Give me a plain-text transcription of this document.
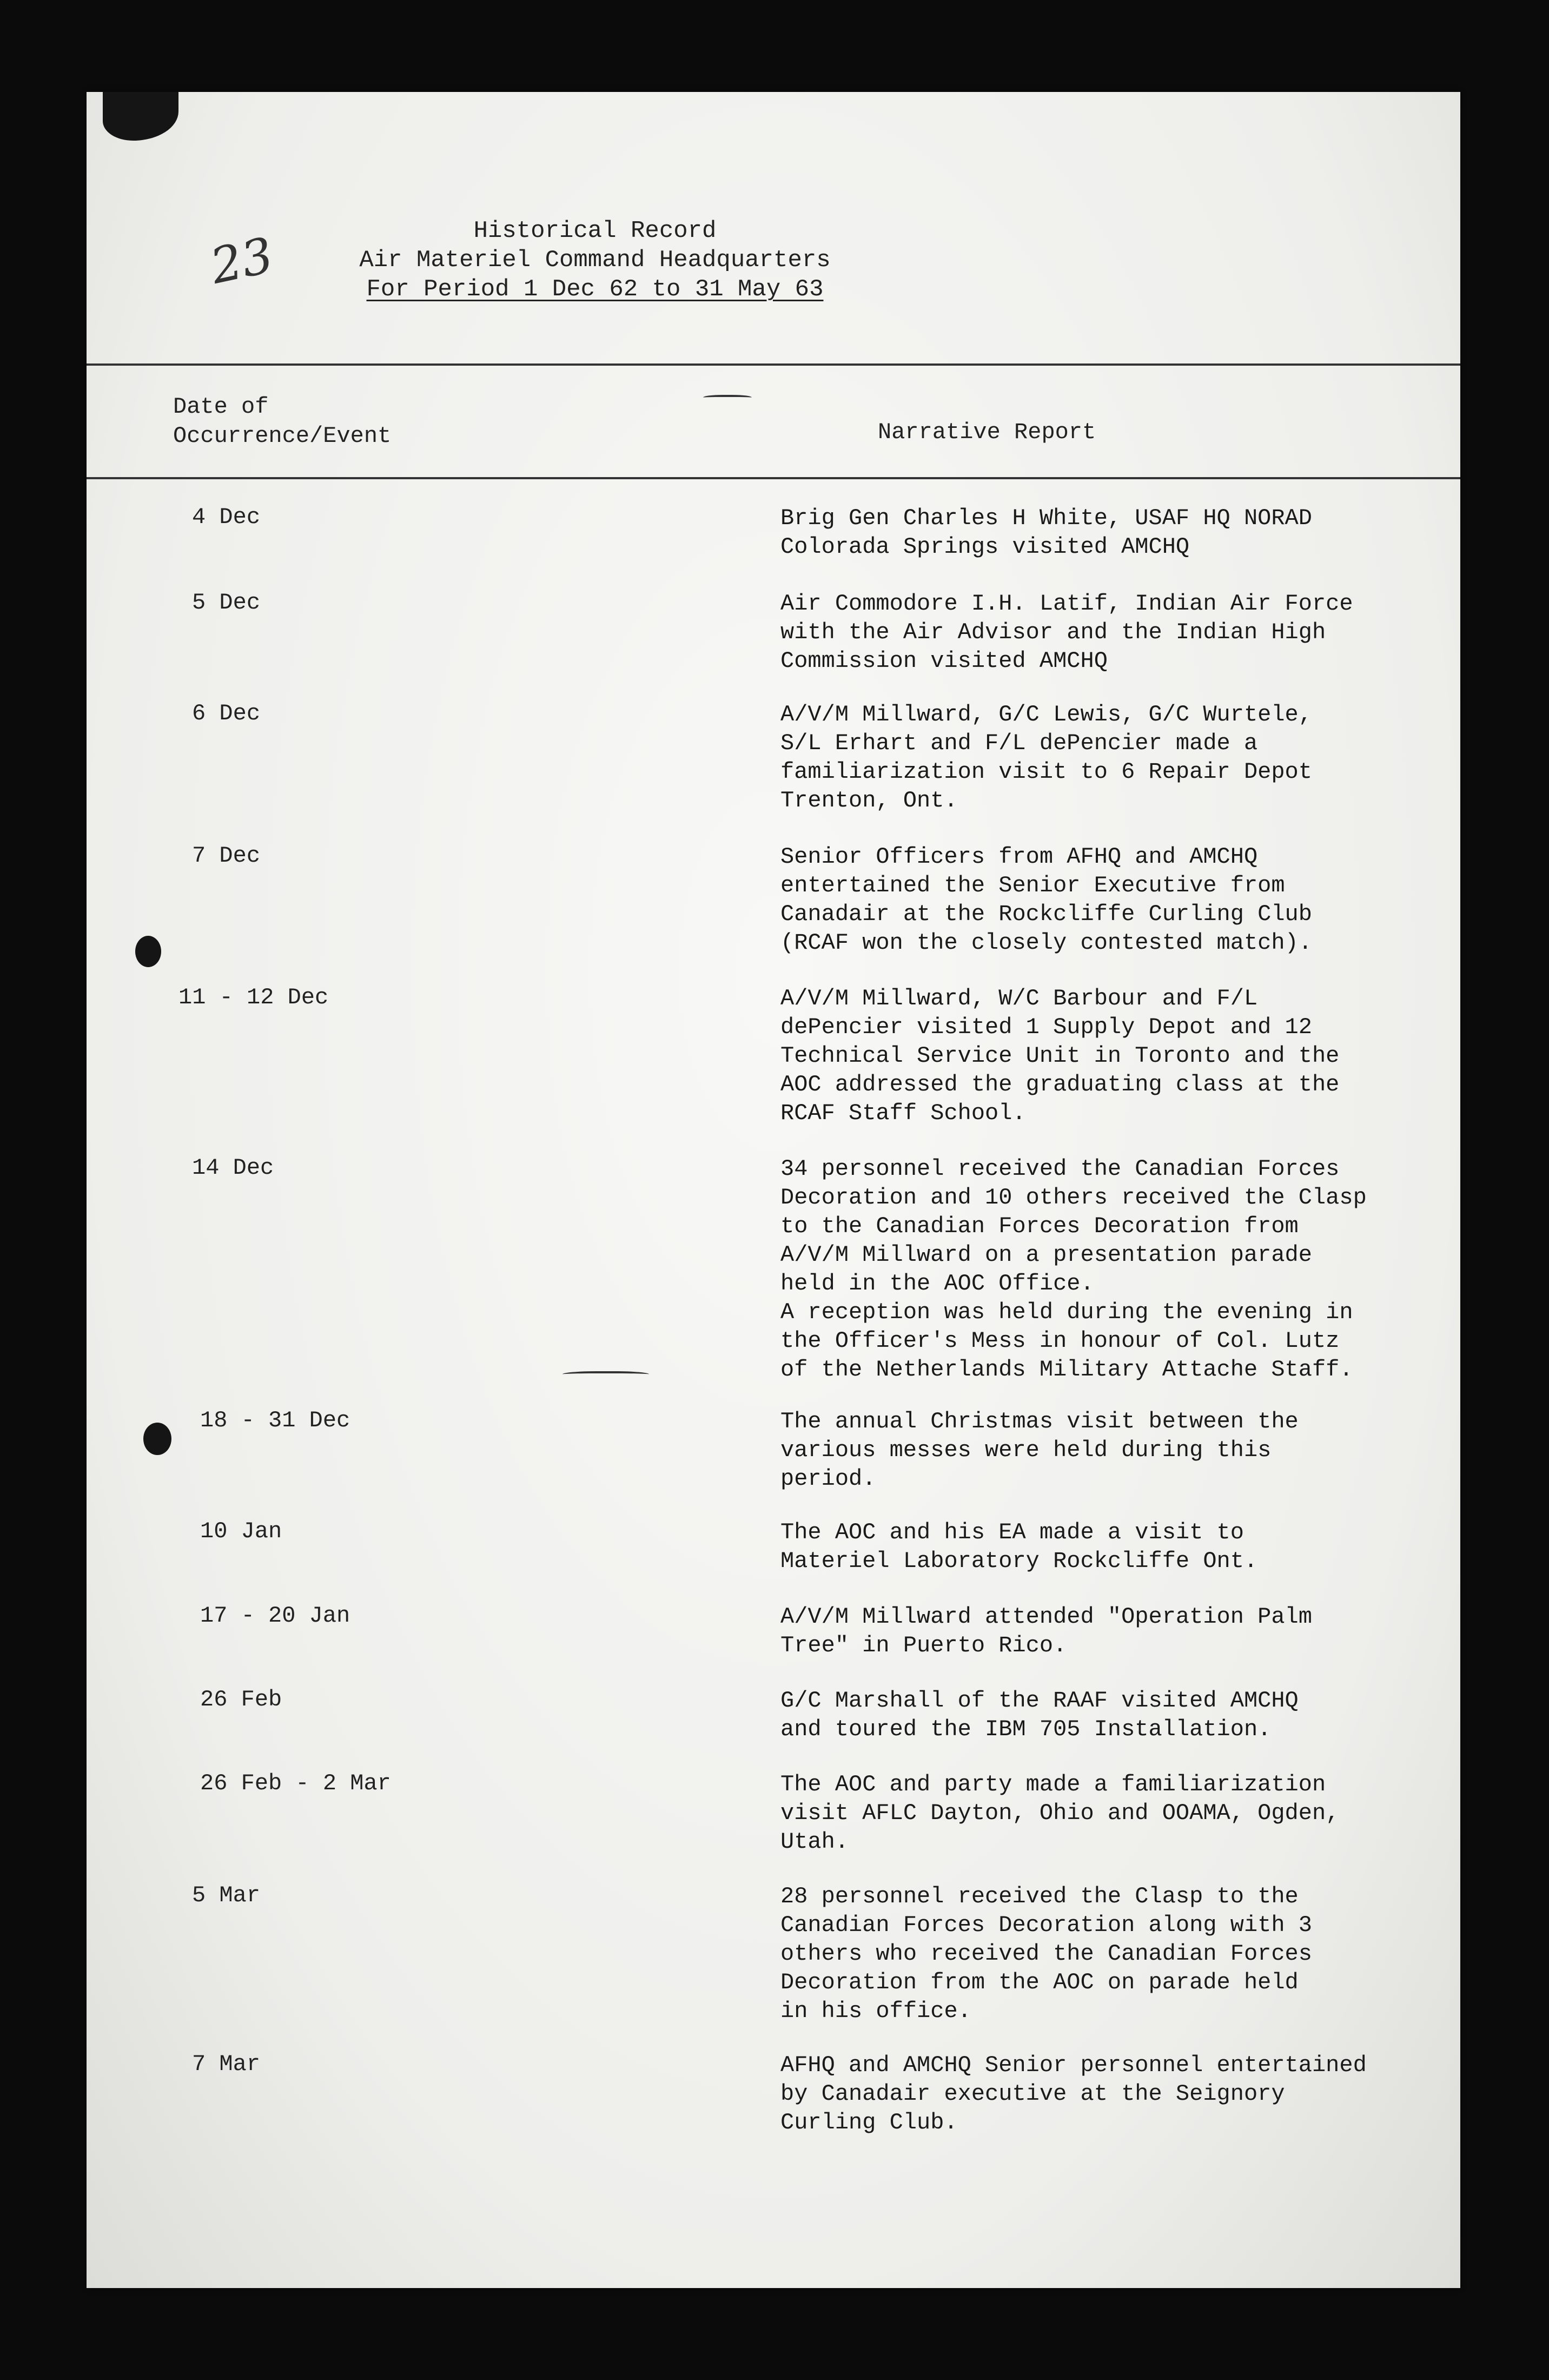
23	Historical Record
Air Materiel Command Headquarters
For Period 1 Dec 62 to 31 May 63
Date of
Occurrence/Event	Narrative Report
4 Dec	Brig Gen Charles H White, USAF HQ NORAD
Colorada Springs visited AMCHQ
5 Dec	Air Commodore I.H. Latif, Indian Air Force
with the Air Advisor and the Indian High
Commission visited AMCHQ
6 Dec	A/V/M Millward, G/C Lewis, G/C Wurtele,
S/L Erhart and F/L dePencier made a
familiarization visit to 6 Repair Depot
Trenton, Ont.
7 Dec	Senior Officers from AFHQ and AMCHQ
entertained the Senior Executive from
Canadair at the Rockcliffe Curling Club
(RCAF won the closely contested match).
11 - 12 Dec	A/V/M Millward, W/C Barbour and F/L
dePencier visited 1 Supply Depot and 12
Technical Service Unit in Toronto and the
AOC addressed the graduating class at the
RCAF Staff School.
14 Dec	34 personnel received the Canadian Forces
Decoration and 10 others received the Clasp
to the Canadian Forces Decoration from
A/V/M Millward on a presentation parade
held in the AOC Office.
A reception was held during the evening in
the Officer's Mess in honour of Col. Lutz
of the Netherlands Military Attache Staff.
18 - 31 Dec	The annual Christmas visit between the
various messes were held during this
period.
10 Jan	The AOC and his EA made a visit to
Materiel Laboratory Rockcliffe Ont.
17 - 20 Jan	A/V/M Millward attended "Operation Palm
Tree" in Puerto Rico.
26 Feb	G/C Marshall of the RAAF visited AMCHQ
and toured the IBM 705 Installation.
26 Feb - 2 Mar	The AOC and party made a familiarization
visit AFLC Dayton, Ohio and OOAMA, Ogden,
Utah.
5 Mar	28 personnel received the Clasp to the
Canadian Forces Decoration along with 3
others who received the Canadian Forces
Decoration from the AOC on parade held
in his office.
7 Mar	AFHQ and AMCHQ Senior personnel entertained
by Canadair executive at the Seignory
Curling Club.
